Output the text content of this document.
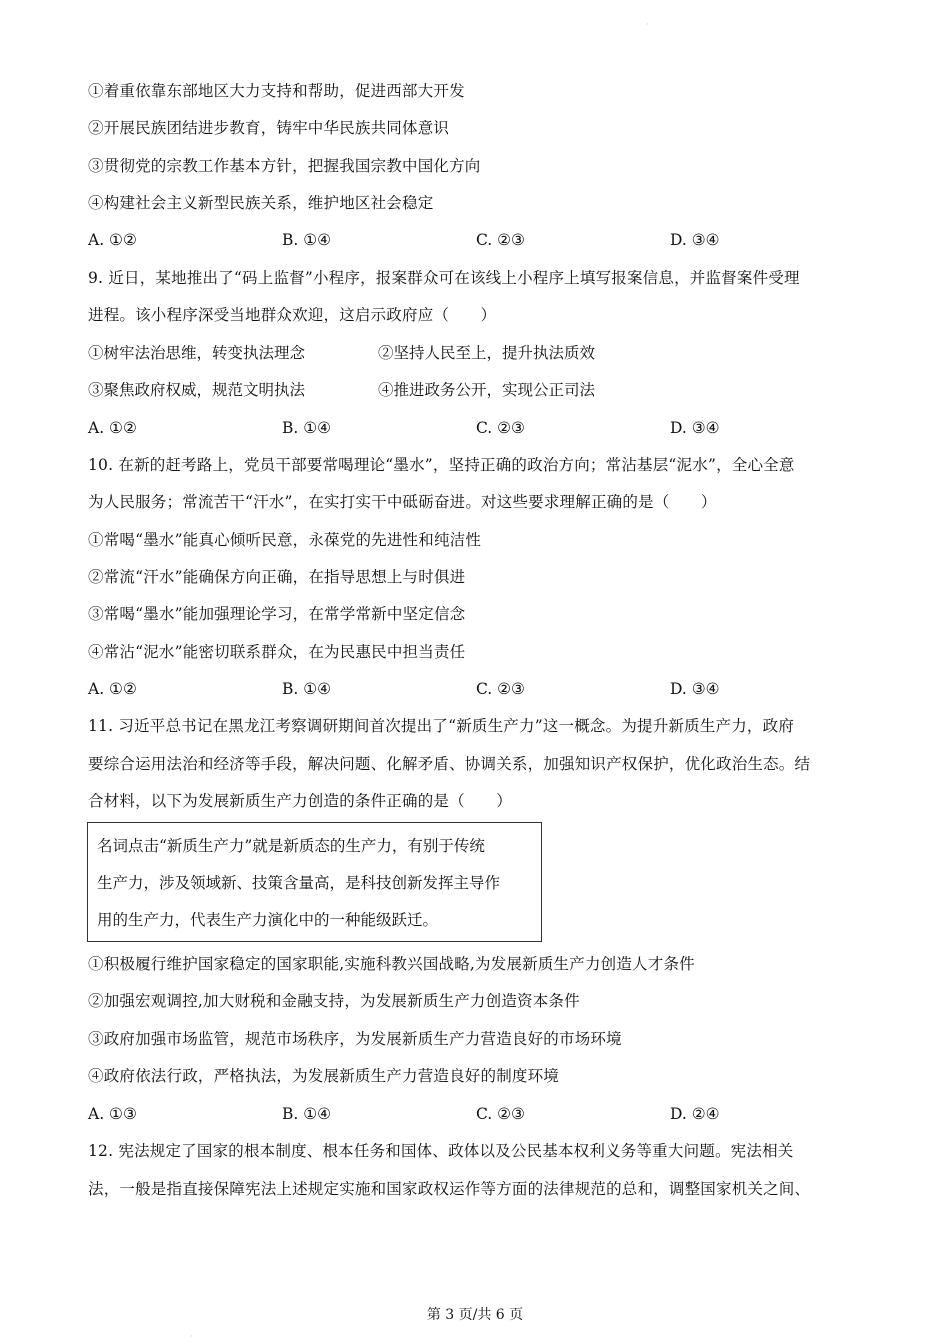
·
①着重依靠东部地区大力支持和帮助，促进西部大开发
②开展民族团结进步教育，铸牢中华民族共同体意识
③贯彻党的宗教工作基本方针，把握我国宗教中国化方向
④构建社会主义新型民族关系，维护地区社会稳定
A. ①②	B. ①④	C. ②③	D. ③④
9. 近日，某地推出了“码上监督”小程序，报案群众可在该线上小程序上填写报案信息，并监督案件受理
进程。该小程序深受当地群众欢迎，这启示政府应（　　）
①树牢法治思维，转变执法理念	②坚持人民至上，提升执法质效
③聚焦政府权威，规范文明执法	④推进政务公开，实现公正司法
A. ①②	B. ①④	C. ②③	D. ③④
10. 在新的赶考路上，党员干部要常喝理论“墨水”，坚持正确的政治方向；常沾基层“泥水”，全心全意
为人民服务；常流苦干“汗水”，在实打实干中砥砺奋进。对这些要求理解正确的是（　　）
①常喝“墨水”能真心倾听民意，永葆党的先进性和纯洁性
②常流“汗水”能确保方向正确，在指导思想上与时俱进
③常喝“墨水”能加强理论学习，在常学常新中坚定信念
④常沾“泥水”能密切联系群众，在为民惠民中担当责任
A. ①②	B. ①④	C. ②③	D. ③④
11. 习近平总书记在黑龙江考察调研期间首次提出了“新质生产力”这一概念。为提升新质生产力，政府
要综合运用法治和经济等手段，解决问题、化解矛盾、协调关系，加强知识产权保护，优化政治生态。结
合材料，以下为发展新质生产力创造的条件正确的是（　　）
名词点击“新质生产力”就是新质态的生产力，有别于传统
生产力，涉及领域新、技策含量高，是科技创新发挥主导作
用的生产力，代表生产力演化中的一种能级跃迁。
①积极履行维护国家稳定的国家职能,实施科教兴国战略,为发展新质生产力创造人才条件
②加强宏观调控,加大财税和金融支持，为发展新质生产力创造资本条件
③政府加强市场监管，规范市场秩序，为发展新质生产力营造良好的市场环境
④政府依法行政，严格执法，为发展新质生产力营造良好的制度环境
A. ①③	B. ①④	C. ②③	D. ②④
12. 宪法规定了国家的根本制度、根本任务和国体、政体以及公民基本权利义务等重大问题。宪法相关
法，一般是指直接保障宪法上述规定实施和国家政权运作等方面的法律规范的总和，调整国家机关之间、
·
第 3 页/共 6 页
